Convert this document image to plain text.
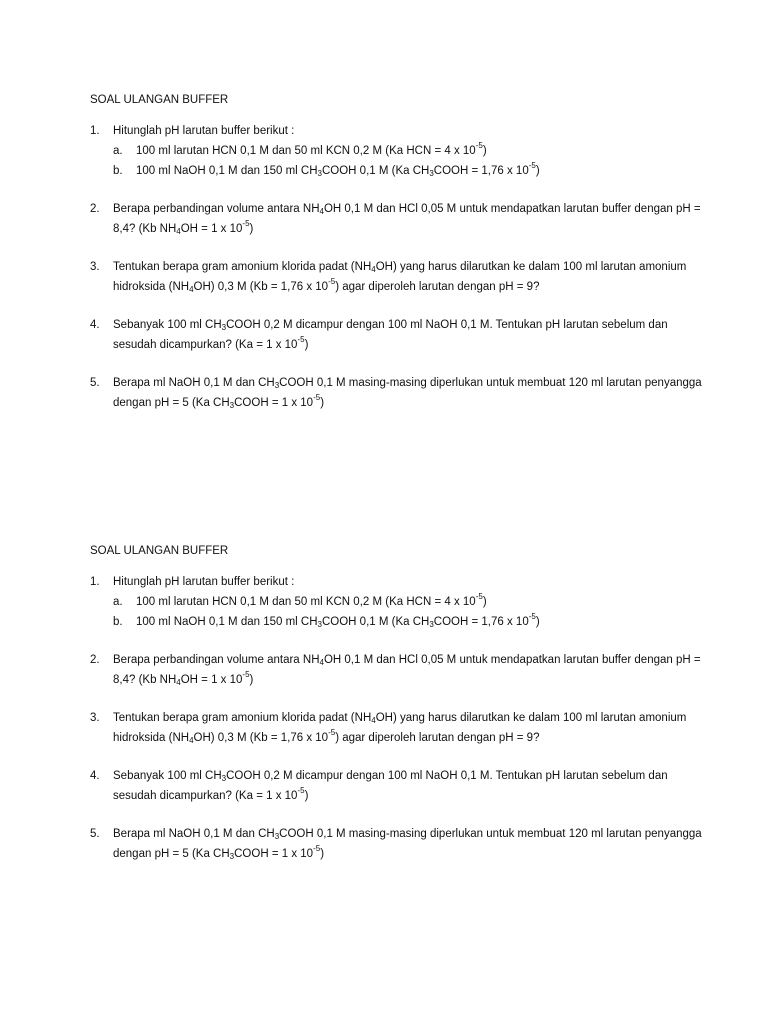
SOAL ULANGAN BUFFER
1. Hitunglah pH larutan buffer berikut :
a. 100 ml larutan HCN 0,1 M dan 50 ml KCN 0,2 M (Ka HCN = 4 x $10^{-5}$)
b. 100 ml NaOH 0,1 M dan 150 ml $CH_3COOH$ 0,1 M (Ka $CH_3COOH = 1,76$ x $10^{-5}$)
2. Berapa perbandingan volume antara $NH_4OH$ 0,1 M dan HCl 0,05 M untuk mendapatkan larutan buffer dengan pH = 8,4? (Kb $NH_4OH = 1$ x $10^{-5}$)
3. Tentukan berapa gram amonium klorida padat $(NH_4OH)$ yang harus dilarutkan ke dalam 100 ml larutan amonium hidroksida $(NH_4OH)$ 0,3 M (Kb = 1,76 x $10^{-5}$) agar diperoleh larutan dengan pH = 9?
4. Sebanyak 100 ml $CH_3COOH$ 0,2 M dicampur dengan 100 ml NaOH 0,1 M. Tentukan pH larutan sebelum dan sesudah dicampurkan? (Ka = 1 x $10^{-5}$)
5. Berapa ml NaOH 0,1 M dan $CH_3COOH$ 0,1 M masing-masing diperlukan untuk membuat 120 ml larutan penyangga dengan pH = 5 (Ka $CH_3COOH = 1$ x $10^{-5}$)
SOAL ULANGAN BUFFER
1. Hitunglah pH larutan buffer berikut :
a. 100 ml larutan HCN 0,1 M dan 50 ml KCN 0,2 M (Ka HCN = 4 x $10^{-5}$)
b. 100 ml NaOH 0,1 M dan 150 ml $CH_3COOH$ 0,1 M (Ka $CH_3COOH = 1,76$ x $10^{-5}$)
2. Berapa perbandingan volume antara $NH_4OH$ 0,1 M dan HCl 0,05 M untuk mendapatkan larutan buffer dengan pH = 8,4? (Kb $NH_4OH = 1$ x $10^{-5}$)
3. Tentukan berapa gram amonium klorida padat $(NH_4OH)$ yang harus dilarutkan ke dalam 100 ml larutan amonium hidroksida $(NH_4OH)$ 0,3 M (Kb = 1,76 x $10^{-5}$) agar diperoleh larutan dengan pH = 9?
4. Sebanyak 100 ml $CH_3COOH$ 0,2 M dicampur dengan 100 ml NaOH 0,1 M. Tentukan pH larutan sebelum dan sesudah dicampurkan? (Ka = 1 x $10^{-5}$)
5. Berapa ml NaOH 0,1 M dan $CH_3COOH$ 0,1 M masing-masing diperlukan untuk membuat 120 ml larutan penyangga dengan pH = 5 (Ka $CH_3COOH = 1$ x $10^{-5}$)
